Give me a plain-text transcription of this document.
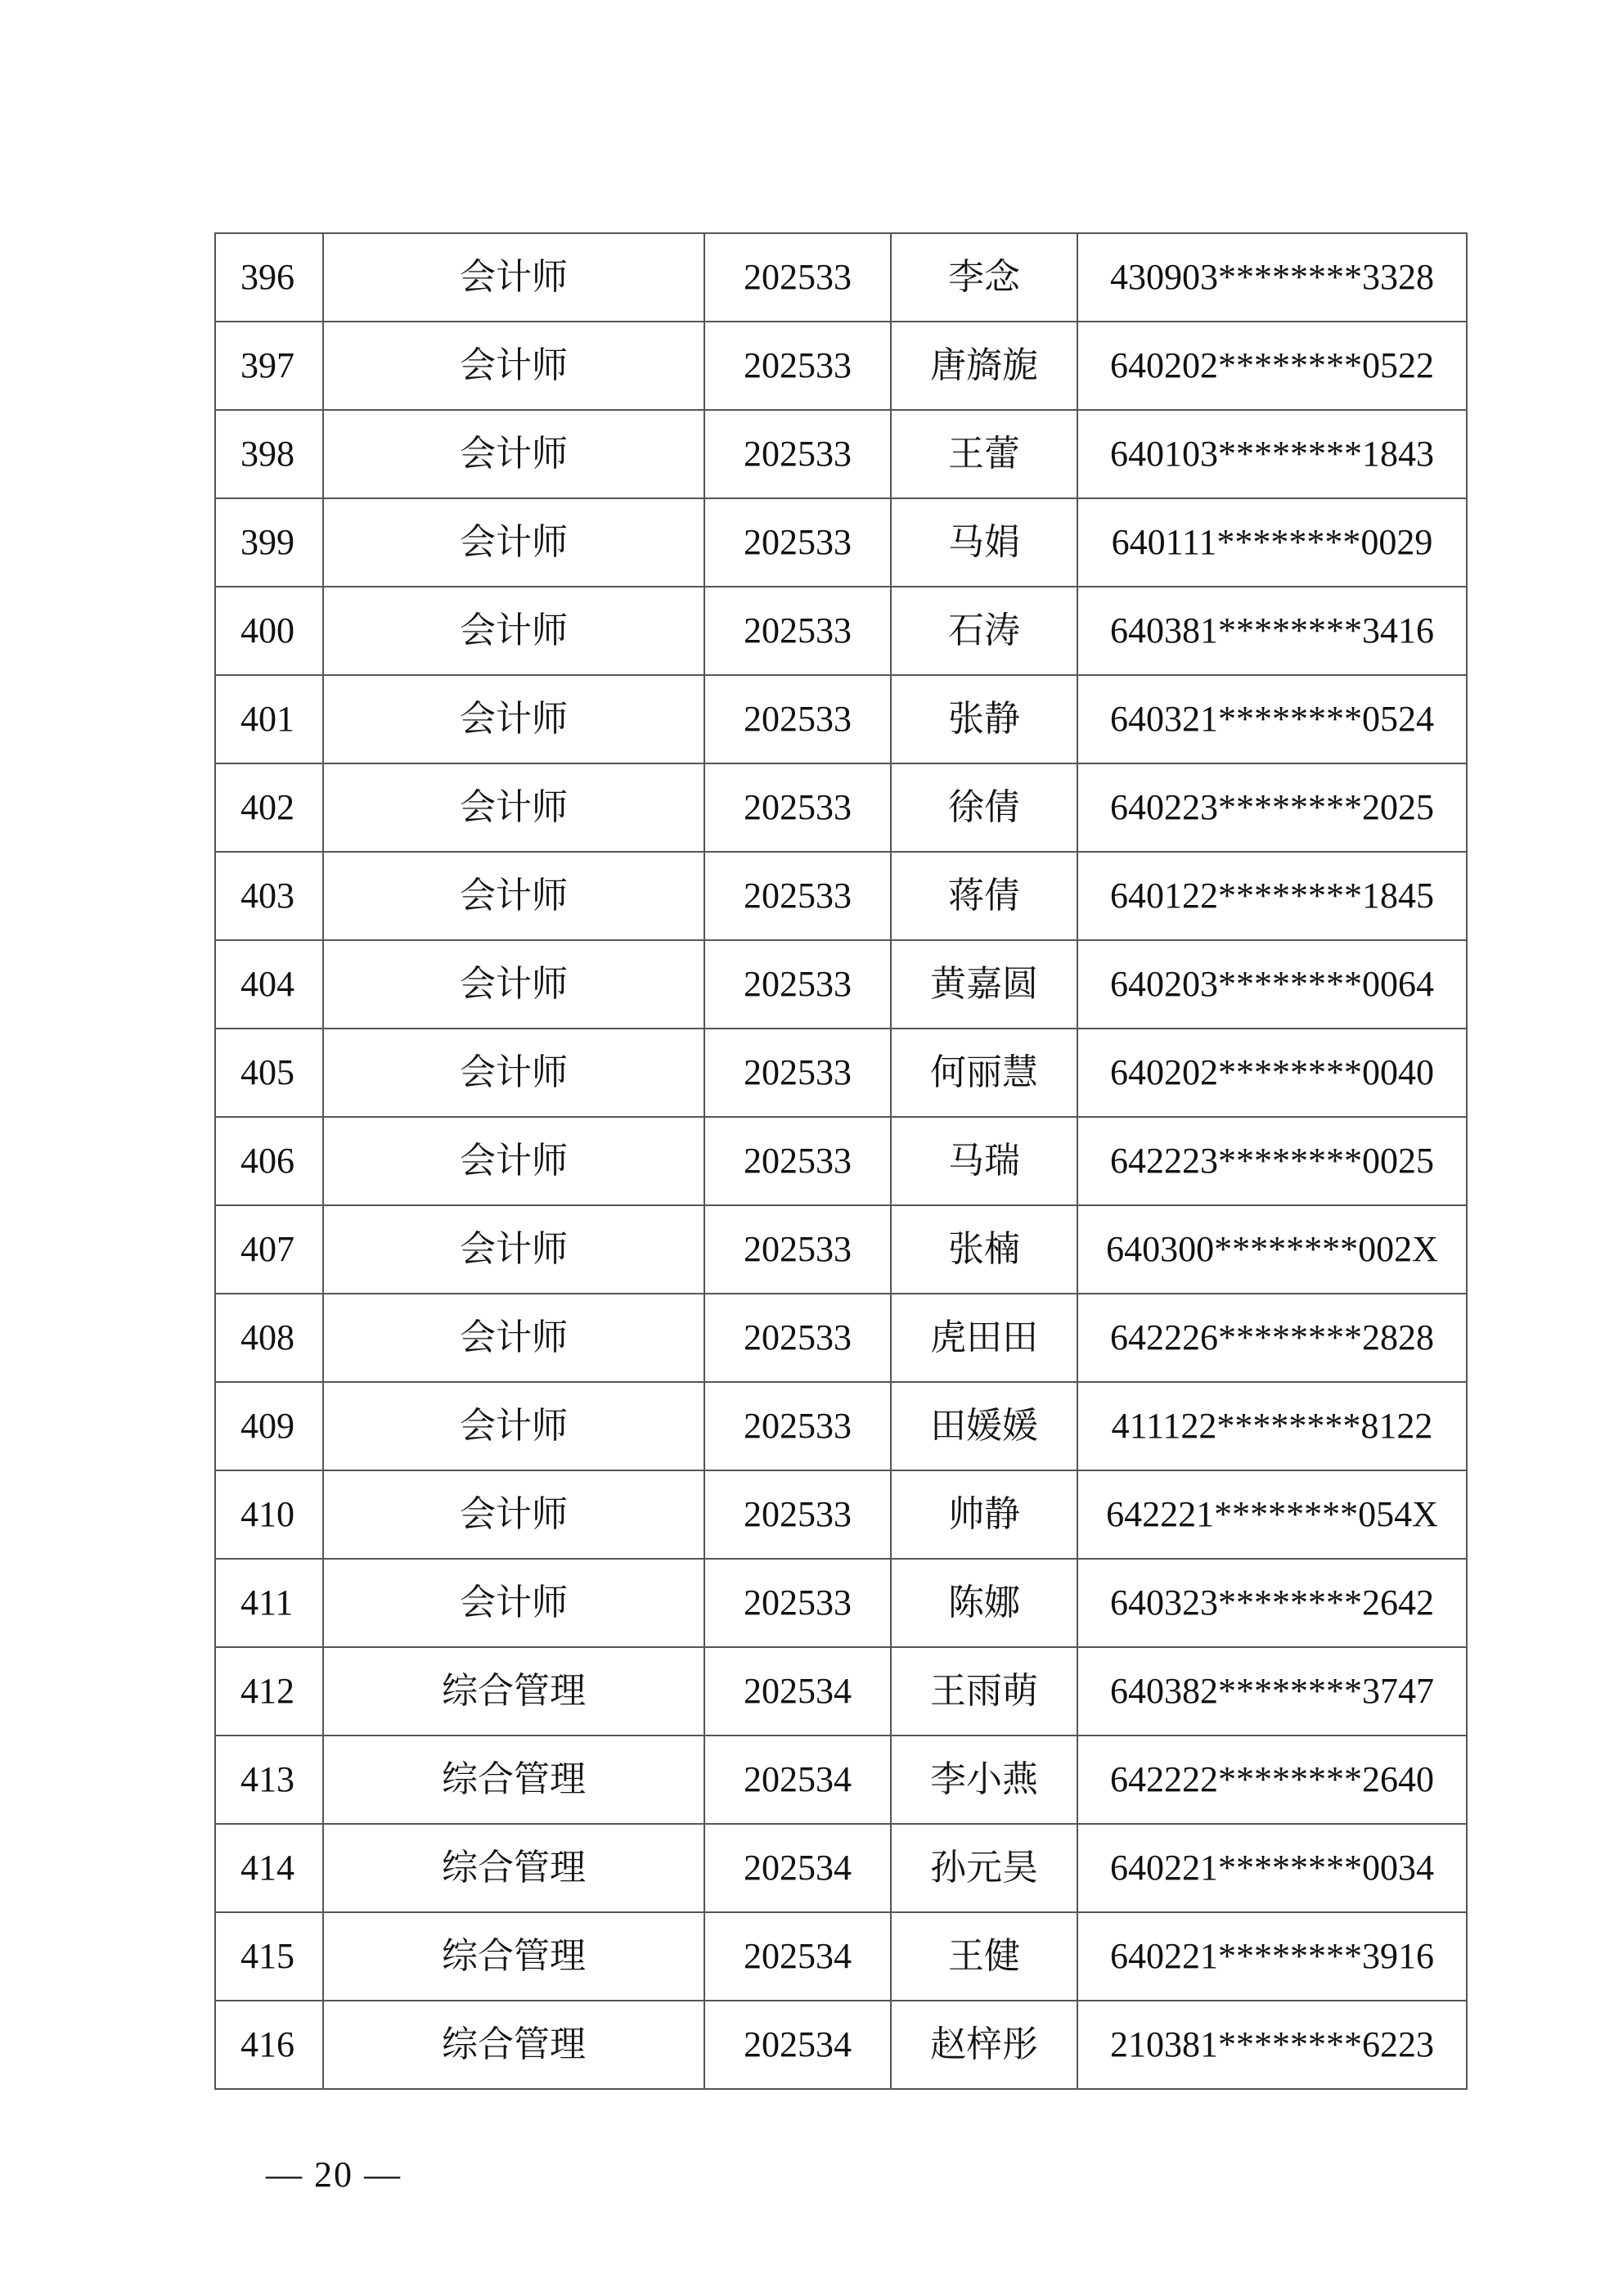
396	会计师	202533	李念	430903********3328
397	会计师	202533	唐旖旎	640202********0522
398	会计师	202533	王蕾	640103********1843
399	会计师	202533	马娟	640111********0029
400	会计师	202533	石涛	640381********3416
401	会计师	202533	张静	640321********0524
402	会计师	202533	徐倩	640223********2025
403	会计师	202533	蒋倩	640122********1845
404	会计师	202533	黄嘉圆	640203********0064
405	会计师	202533	何丽慧	640202********0040
406	会计师	202533	马瑞	642223********0025
407	会计师	202533	张楠	640300********002X
408	会计师	202533	虎田田	642226********2828
409	会计师	202533	田媛媛	411122********8122
410	会计师	202533	帅静	642221********054X
411	会计师	202533	陈娜	640323********2642
412	综合管理	202534	王雨萌	640382********3747
413	综合管理	202534	李小燕	642222********2640
414	综合管理	202534	孙元昊	640221********0034
415	综合管理	202534	王健	640221********3916
416	综合管理	202534	赵梓彤	210381********6223
— 20 —
